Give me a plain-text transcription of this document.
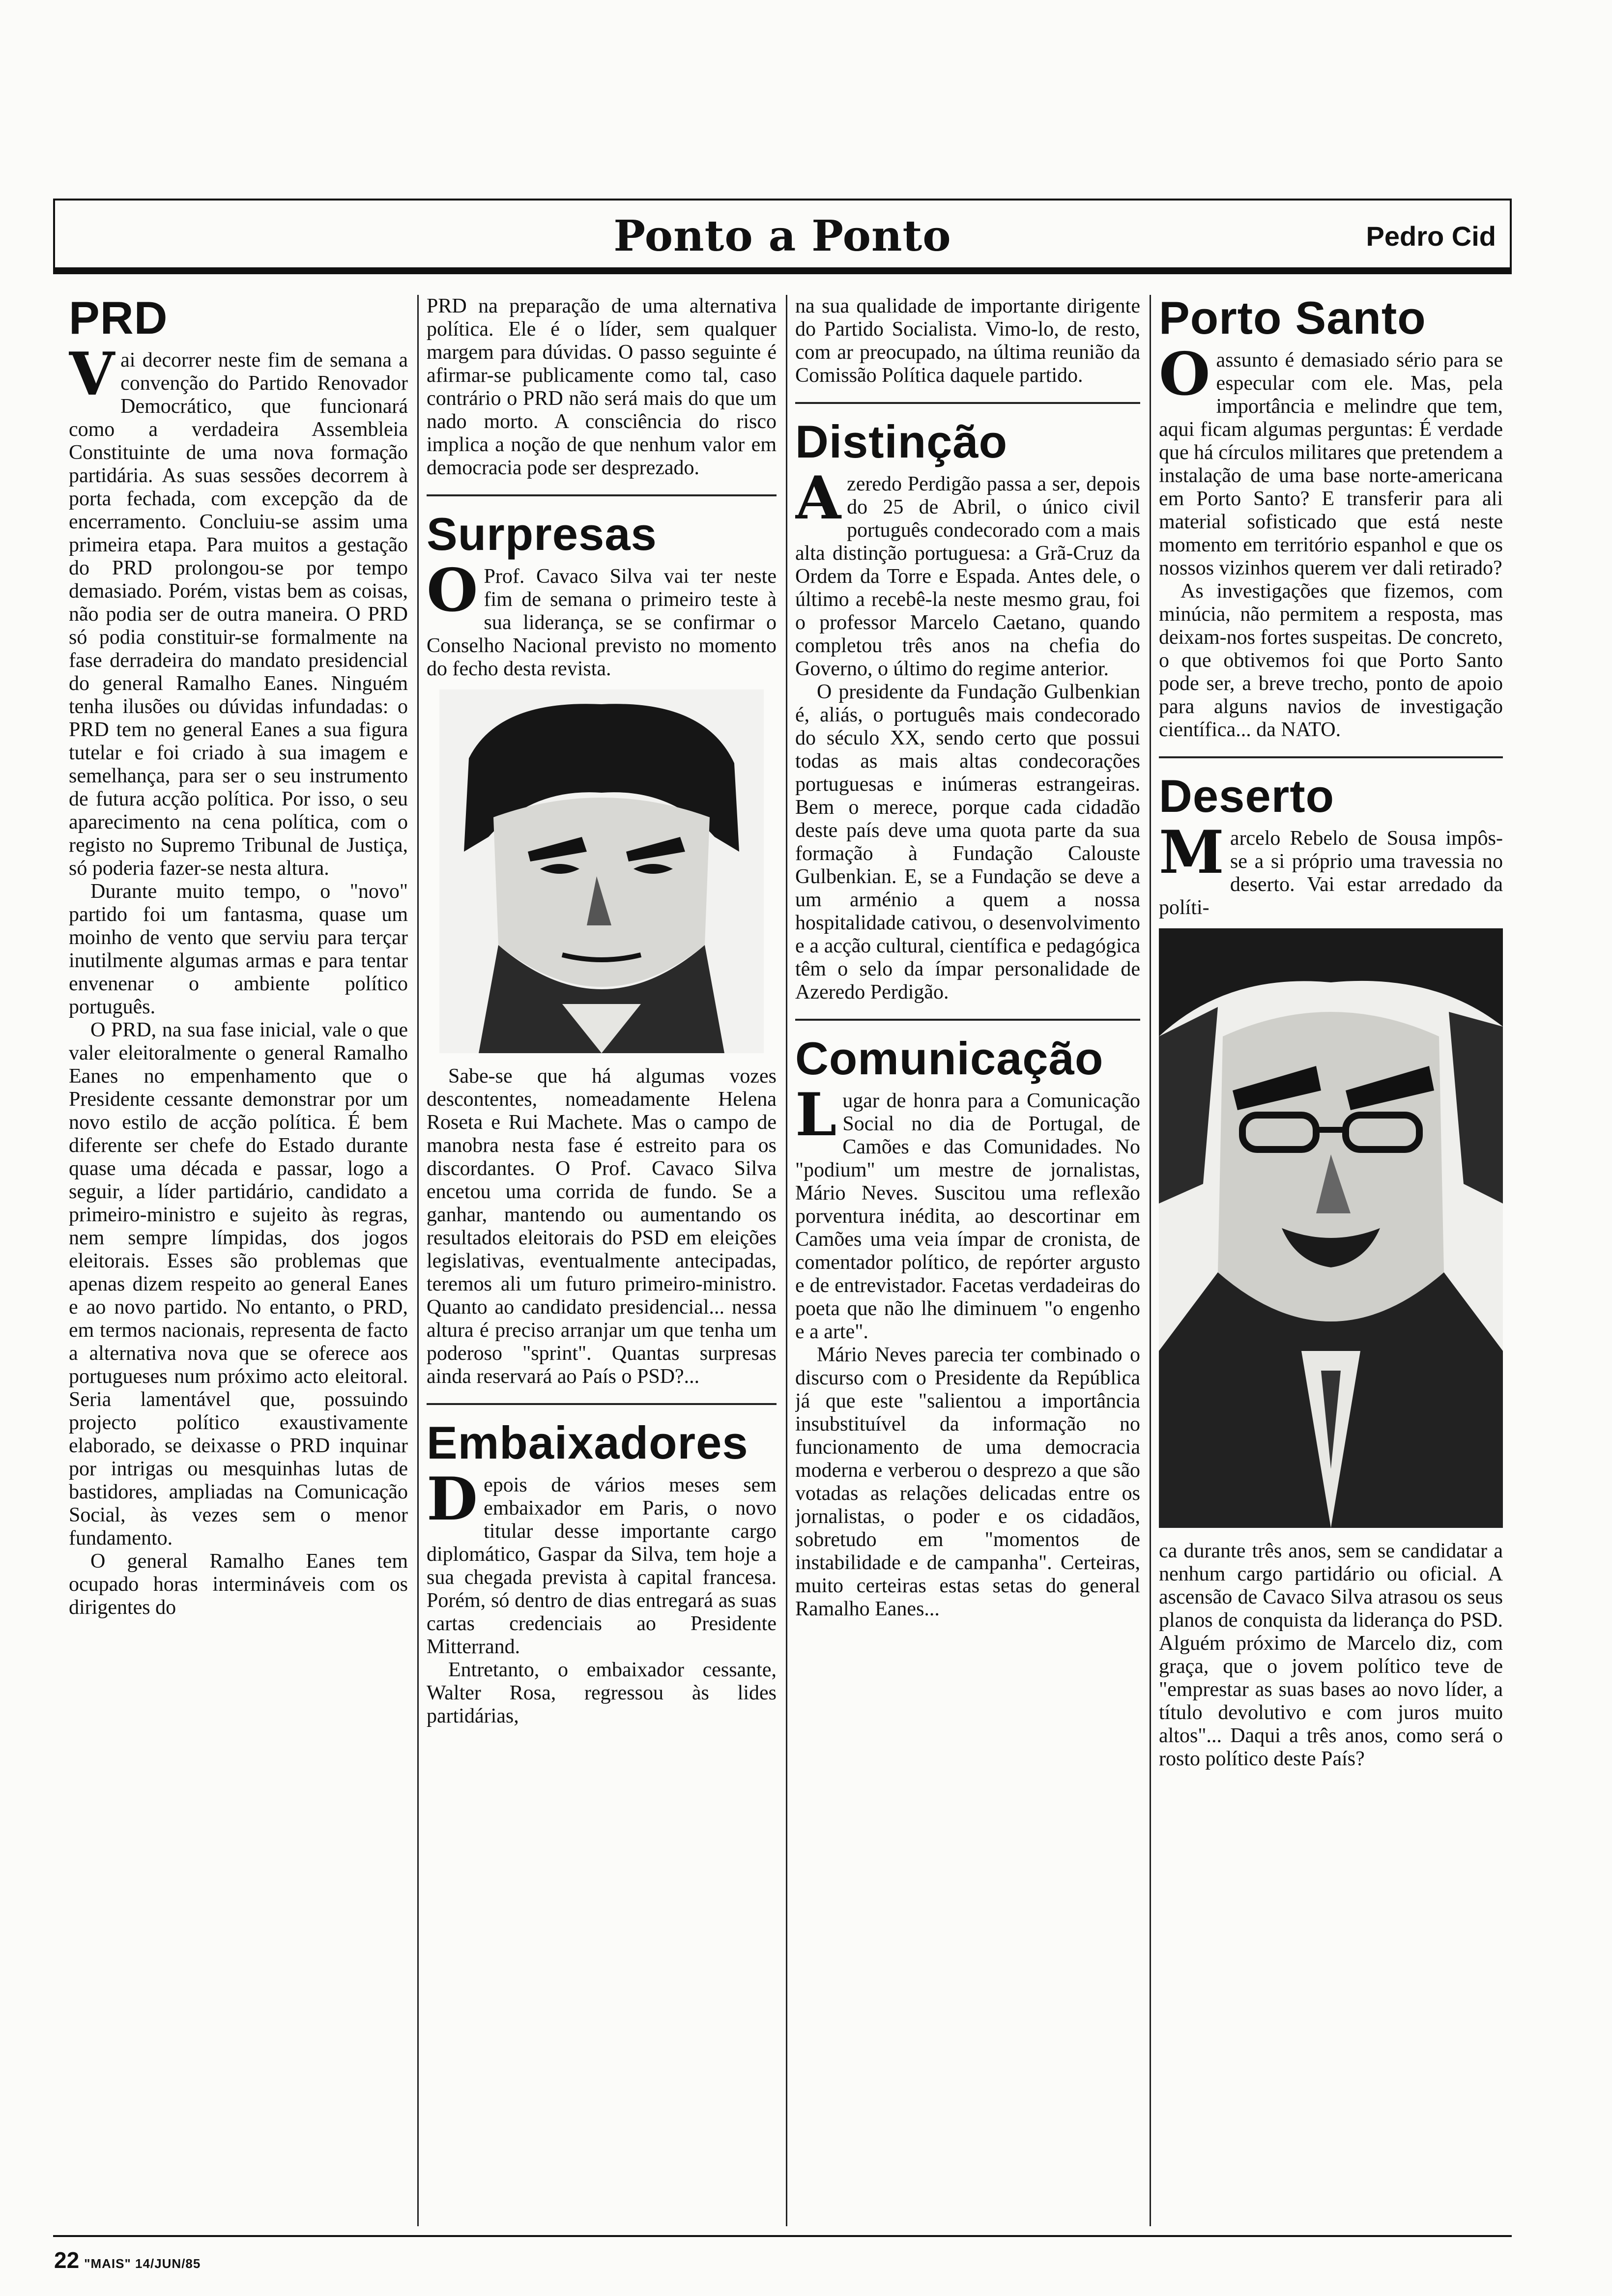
Ponto a Ponto	Pedro Cid
PRD

Vai decorrer neste fim de semana a convenção do Partido Renovador Democrático, que funcionará como a verdadeira Assembleia Constituinte de uma nova formação partidária. As suas sessões decorrem à porta fechada, com excepção da de encerramento. Concluiu-se assim uma primeira etapa. Para muitos a gestação do PRD prolongou-se por tempo demasiado. Porém, vistas bem as coisas, não podia ser de outra maneira. O PRD só podia constituir-se formalmente na fase derradeira do mandato presidencial do general Ramalho Eanes. Ninguém tenha ilusões ou dúvidas infundadas: o PRD tem no general Eanes a sua figura tutelar e foi criado à sua imagem e semelhança, para ser o seu instrumento de futura acção política. Por isso, o seu aparecimento na cena política, com o registo no Supremo Tribunal de Justiça, só poderia fazer-se nesta altura.

Durante muito tempo, o "novo" partido foi um fantasma, quase um moinho de vento que serviu para terçar inutilmente algumas armas e para tentar envenenar o ambiente político português.

O PRD, na sua fase inicial, vale o que valer eleitoralmente o general Ramalho Eanes no empenhamento que o Presidente cessante demonstrar por um novo estilo de acção política. É bem diferente ser chefe do Estado durante quase uma década e passar, logo a seguir, a líder partidário, candidato a primeiro-ministro e sujeito às regras, nem sempre límpidas, dos jogos eleitorais. Esses são problemas que apenas dizem respeito ao general Eanes e ao novo partido. No entanto, o PRD, em termos nacionais, representa de facto a alternativa nova que se oferece aos portugueses num próximo acto eleitoral. Seria lamentável que, possuindo projecto político exaustivamente elaborado, se deixasse o PRD inquinar por intrigas ou mesquinhas lutas de bastidores, ampliadas na Comunicação Social, às vezes sem o menor fundamento.

O general Ramalho Eanes tem ocupado horas intermináveis com os dirigentes do

PRD na preparação de uma alternativa política. Ele é o líder, sem qualquer margem para dúvidas. O passo seguinte é afirmar-se publicamente como tal, caso contrário o PRD não será mais do que um nado morto. A consciência do risco implica a noção de que nenhum valor em democracia pode ser desprezado.

Surpresas

O Prof. Cavaco Silva vai ter neste fim de semana o primeiro teste à sua liderança, se se confirmar o Conselho Nacional previsto no momento do fecho desta revista.

Sabe-se que há algumas vozes descontentes, nomeadamente Helena Roseta e Rui Machete. Mas o campo de manobra nesta fase é estreito para os discordantes. O Prof. Cavaco Silva encetou uma corrida de fundo. Se a ganhar, mantendo ou aumentando os resultados eleitorais do PSD em eleições legislativas, eventualmente antecipadas, teremos ali um futuro primeiro-ministro. Quanto ao candidato presidencial... nessa altura é preciso arranjar um que tenha um poderoso "sprint". Quantas surpresas ainda reservará ao País o PSD?...

Embaixadores

Depois de vários meses sem embaixador em Paris, o novo titular desse importante cargo diplomático, Gaspar da Silva, tem hoje a sua chegada prevista à capital francesa. Porém, só dentro de dias entregará as suas cartas credenciais ao Presidente Mitterrand.

Entretanto, o embaixador cessante, Walter Rosa, regressou às lides partidárias,

na sua qualidade de importante dirigente do Partido Socialista. Vimo-lo, de resto, com ar preocupado, na última reunião da Comissão Política daquele partido.

Distinção

Azeredo Perdigão passa a ser, depois do 25 de Abril, o único civil português condecorado com a mais alta distinção portuguesa: a Grã-Cruz da Ordem da Torre e Espada. Antes dele, o último a recebê-la neste mesmo grau, foi o professor Marcelo Caetano, quando completou três anos na chefia do Governo, o último do regime anterior.

O presidente da Fundação Gulbenkian é, aliás, o português mais condecorado do século XX, sendo certo que possui todas as mais altas condecorações portuguesas e inúmeras estrangeiras. Bem o merece, porque cada cidadão deste país deve uma quota parte da sua formação à Fundação Calouste Gulbenkian. E, se a Fundação se deve a um arménio a quem a nossa hospitalidade cativou, o desenvolvimento e a acção cultural, científica e pedagógica têm o selo da ímpar personalidade de Azeredo Perdigão.

Comunicação

Lugar de honra para a Comunicação Social no dia de Portugal, de Camões e das Comunidades. No "podium" um mestre de jornalistas, Mário Neves. Suscitou uma reflexão porventura inédita, ao descortinar em Camões uma veia ímpar de cronista, de comentador político, de repórter argusto e de entrevistador. Facetas verdadeiras do poeta que não lhe diminuem "o engenho e a arte".

Mário Neves parecia ter combinado o discurso com o Presidente da República já que este "salientou a importância insubstituível da informação no funcionamento de uma democracia moderna e verberou o desprezo a que são votadas as relações delicadas entre os jornalistas, o poder e os cidadãos, sobretudo em "momentos de instabilidade e de campanha". Certeiras, muito certeiras estas setas do general Ramalho Eanes...

Porto Santo

Oassunto é demasiado sério para se especular com ele. Mas, pela importância e melindre que tem, aqui ficam algumas perguntas: É verdade que há círculos militares que pretendem a instalação de uma base norte-americana em Porto Santo? E transferir para ali material sofisticado que está neste momento em território espanhol e que os nossos vizinhos querem ver dali retirado?

As investigações que fizemos, com minúcia, não permitem a resposta, mas deixam-nos fortes suspeitas. De concreto, o que obtivemos foi que Porto Santo pode ser, a breve trecho, ponto de apoio para alguns navios de investigação científica... da NATO.

Deserto

Marcelo Rebelo de Sousa impôs-se a si próprio uma travessia no deserto. Vai estar arredado da políti-

ca durante três anos, sem se candidatar a nenhum cargo partidário ou oficial. A ascensão de Cavaco Silva atrasou os seus planos de conquista da liderança do PSD. Alguém próximo de Marcelo diz, com graça, que o jovem político teve de "emprestar as suas bases ao novo líder, a título devolutivo e com juros muito altos"... Daqui a três anos, como será o rosto político deste País?

22 "MAIS" 14/JUN/85
